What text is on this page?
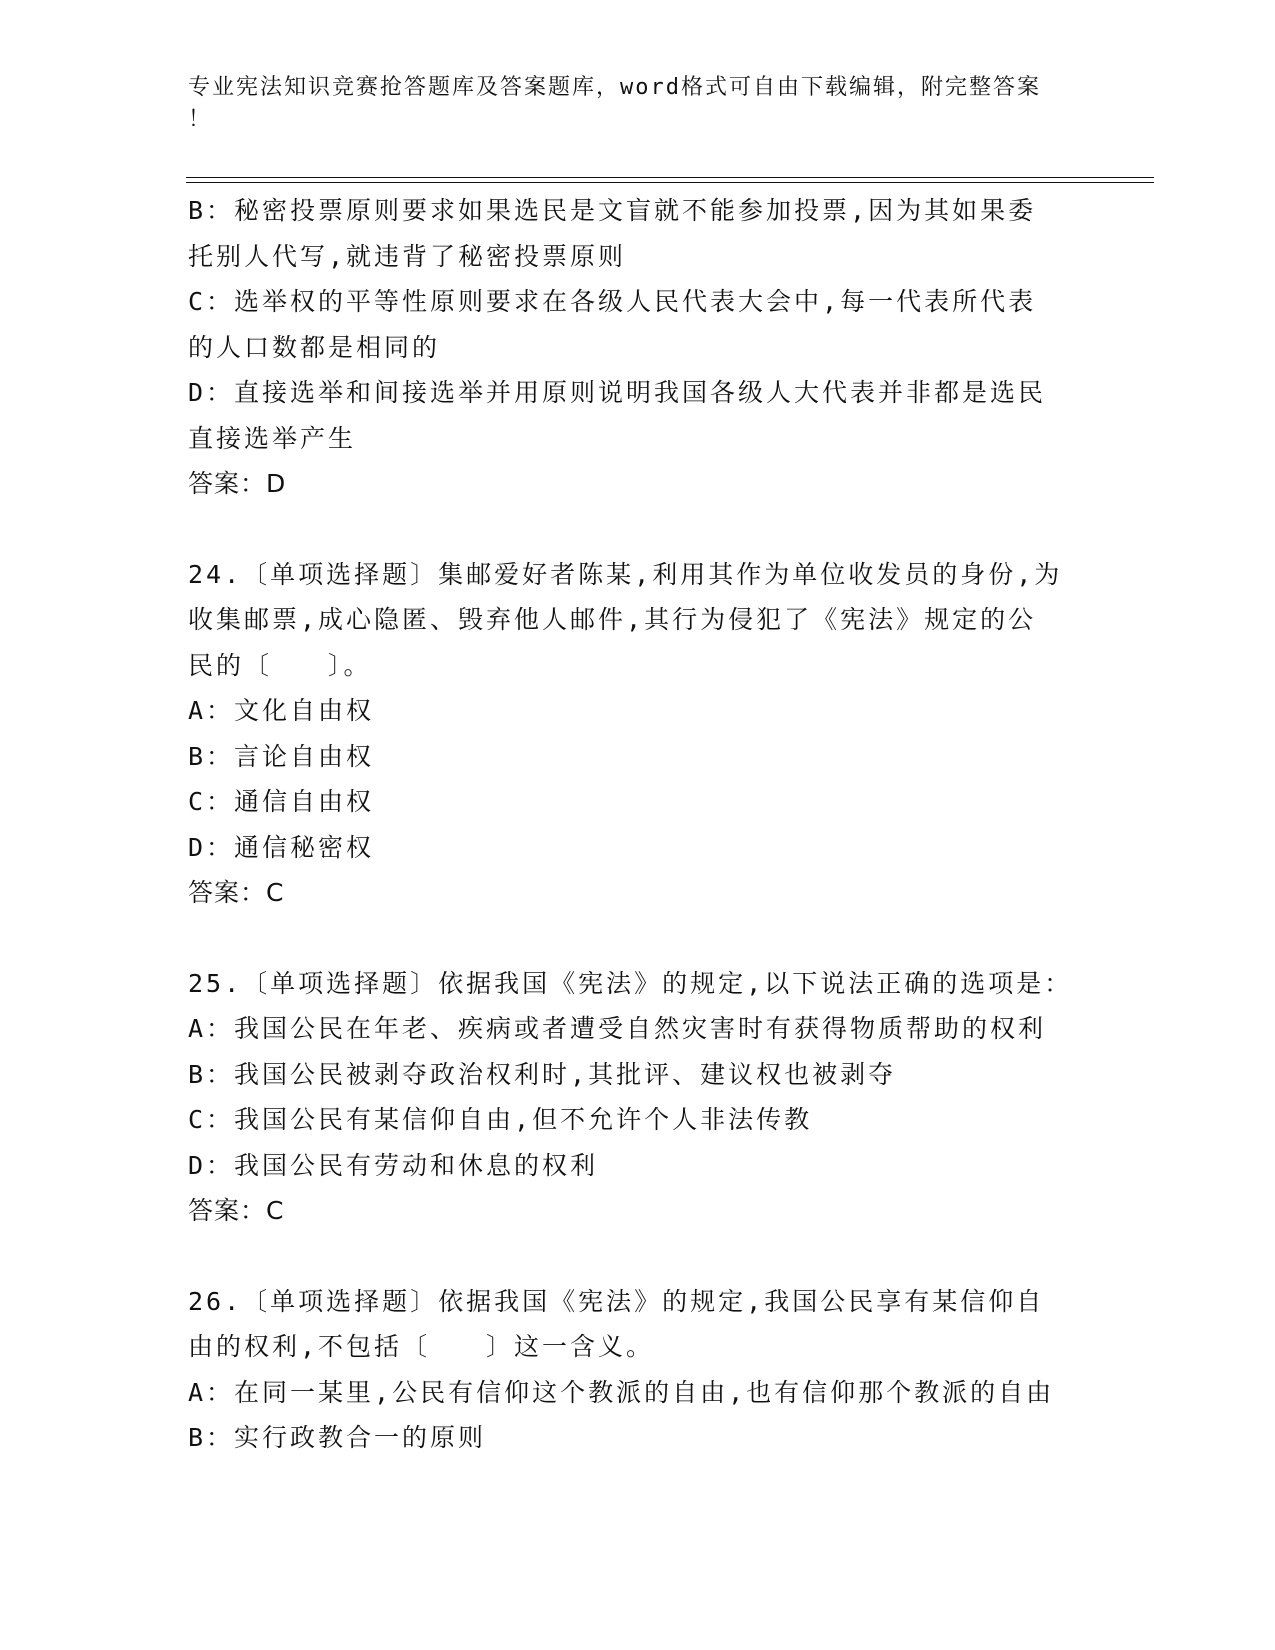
专业宪法知识竞赛抢答题库及答案题库，word格式可自由下载编辑，附完整答案
！
B：秘密投票原则要求如果选民是文盲就不能参加投票,因为其如果委
托别人代写,就违背了秘密投票原则
C：选举权的平等性原则要求在各级人民代表大会中,每一代表所代表
的人口数都是相同的
D：直接选举和间接选举并用原则说明我国各级人大代表并非都是选民
直接选举产生
答案：D
24.〔单项选择题〕集邮爱好者陈某,利用其作为单位收发员的身份,为
收集邮票,成心隐匿、毁弃他人邮件,其行为侵犯了《宪法》规定的公
民的〔　　〕。
A：文化自由权
B：言论自由权
C：通信自由权
D：通信秘密权
答案：C
25.〔单项选择题〕依据我国《宪法》的规定,以下说法正确的选项是：
A：我国公民在年老、疾病或者遭受自然灾害时有获得物质帮助的权利
B：我国公民被剥夺政治权利时,其批评、建议权也被剥夺
C：我国公民有某信仰自由,但不允许个人非法传教
D：我国公民有劳动和休息的权利
答案：C
26.〔单项选择题〕依据我国《宪法》的规定,我国公民享有某信仰自
由的权利,不包括〔　　〕这一含义。
A：在同一某里,公民有信仰这个教派的自由,也有信仰那个教派的自由
B：实行政教合一的原则
